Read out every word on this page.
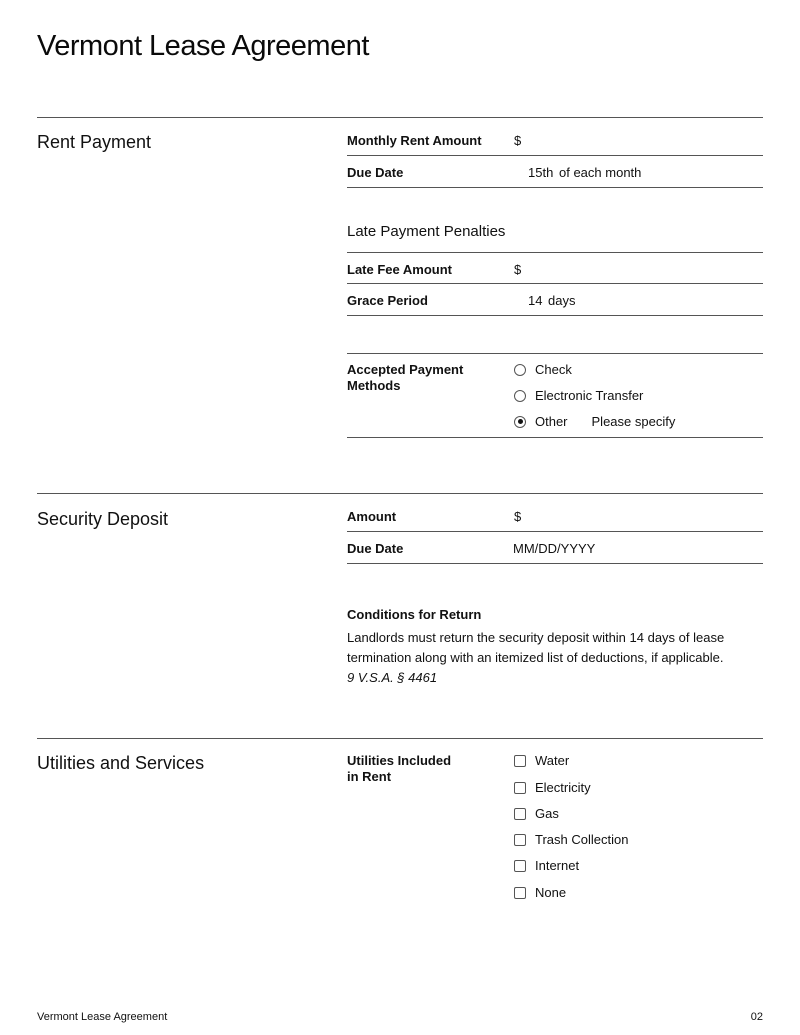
Vermont Lease Agreement
Rent Payment	Monthly Rent Amount $
Due Date	15th of each month
Late Payment Penalties
Late Fee Amount	$
Grace Period	14 days
Accepted Payment
Methods
Check
Electronic Transfer
Other Please specify
Security Deposit	Amount	$
Due Date	MM/DD/YYYY
Conditions for Return
Landlords must return the security deposit within 14 days of lease
termination along with an itemized list of deductions, if applicable.
9 V.S.A. § 4461
Utilities and Services	Utilities Included
in Rent
Water
Electricity
Gas
Trash Collection
Internet
None
Vermont Lease Agreement	02
